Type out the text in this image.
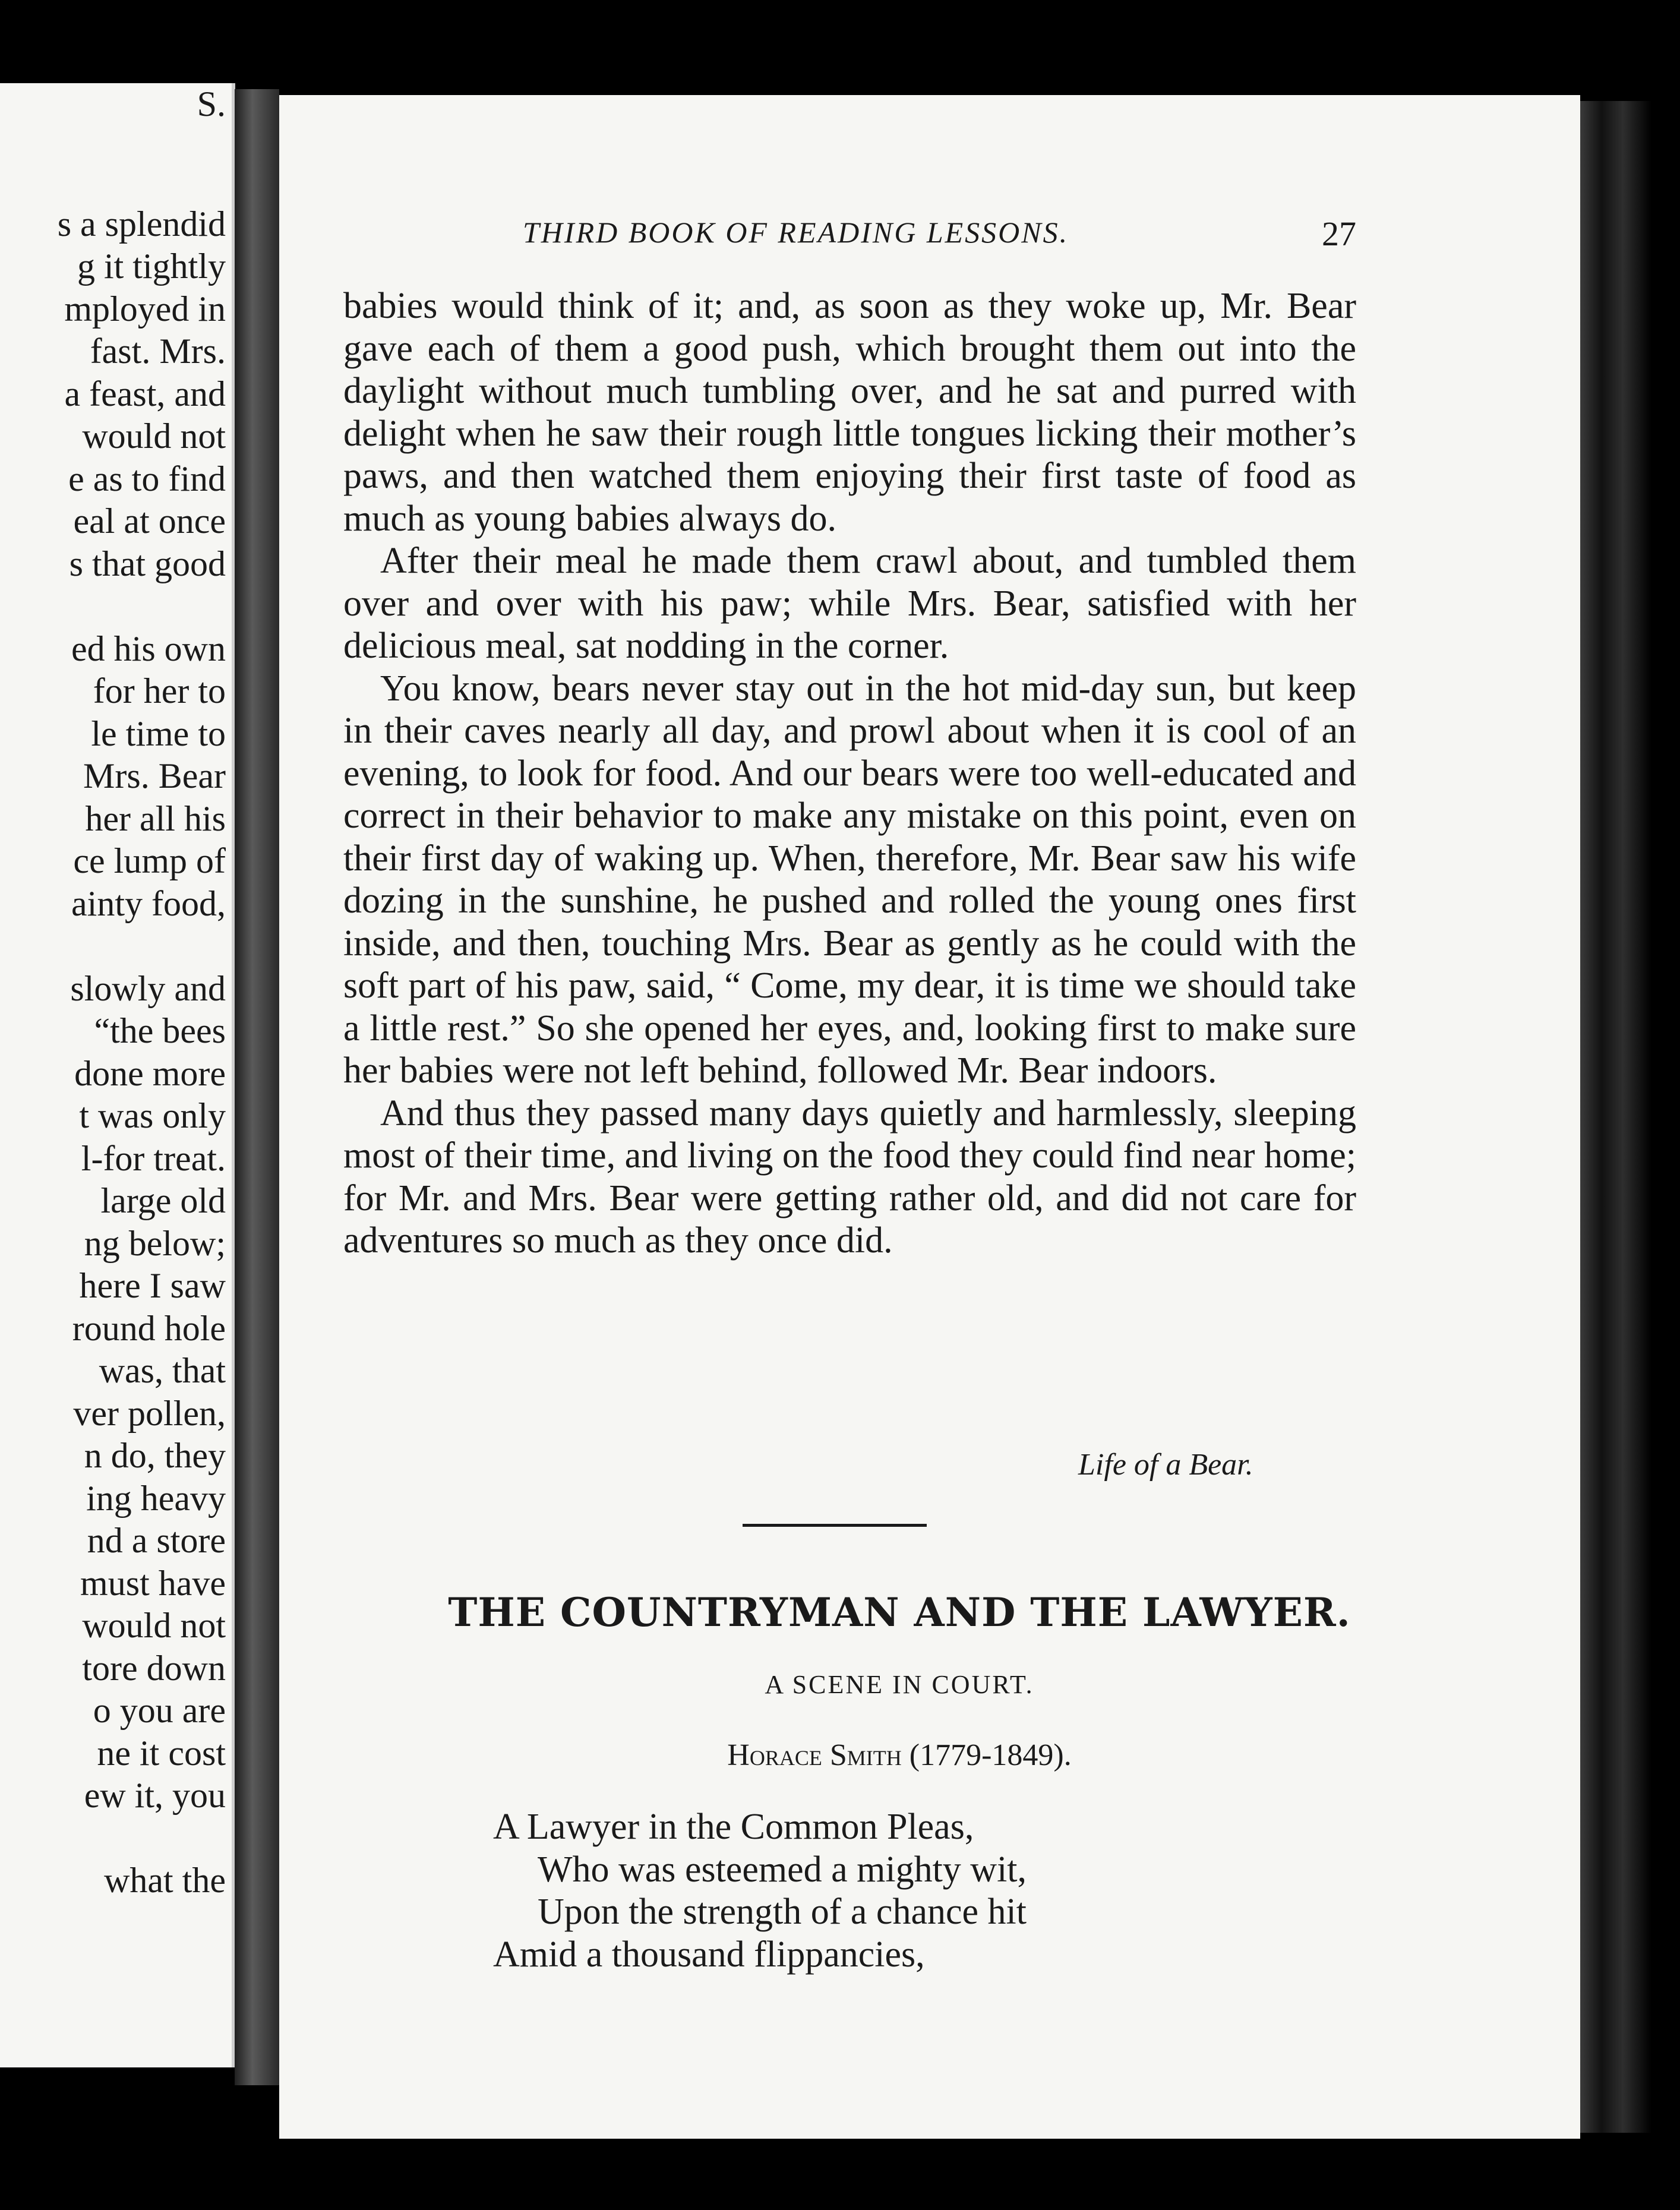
S.
s a splendid
g it tightly
mployed in
fast. Mrs.
a feast, and
would not
e as to find
eal at once
s that good
ed his own
for her to
le time to
Mrs. Bear
her all his
ce lump of
ainty food,
slowly and
“the bees
done more
t was only
l-for treat.
large old
ng below;
here I saw
round hole
was, that
ver pollen,
n do, they
ing heavy
nd a store
must have
would not
tore down
o you are
ne it cost
ew it, you
what the
THIRD BOOK OF READING LESSONS.	27

babies would think of it; and, as soon as they woke up, Mr. Bear gave each of them a good push, which brought them out into the daylight without much tumbling over, and he sat and purred with delight when he saw their rough little tongues licking their mother’s paws, and then watched them enjoying their first taste of food as much as young babies always do.

After their meal he made them crawl about, and tumbled them over and over with his paw; while Mrs. Bear, satisfied with her delicious meal, sat nodding in the corner.

You know, bears never stay out in the hot mid-day sun, but keep in their caves nearly all day, and prowl about when it is cool of an evening, to look for food. And our bears were too well-educated and correct in their behavior to make any mistake on this point, even on their first day of waking up. When, therefore, Mr. Bear saw his wife dozing in the sunshine, he pushed and rolled the young ones first inside, and then, touching Mrs. Bear as gently as he could with the soft part of his paw, said, “ Come, my dear, it is time we should take a little rest.” So she opened her eyes, and, looking first to make sure her babies were not left behind, followed Mr. Bear indoors.

And thus they passed many days quietly and harmlessly, sleeping most of their time, and living on the food they could find near home; for Mr. and Mrs. Bear were getting rather old, and did not care for adventures so much as they once did.

Life of a Bear.
THE COUNTRYMAN AND THE LAWYER.
A SCENE IN COURT.
Horace Smith (1779-1849).
A Lawyer in the Common Pleas,
Who was esteemed a mighty wit,
Upon the strength of a chance hit
Amid a thousand flippancies,
